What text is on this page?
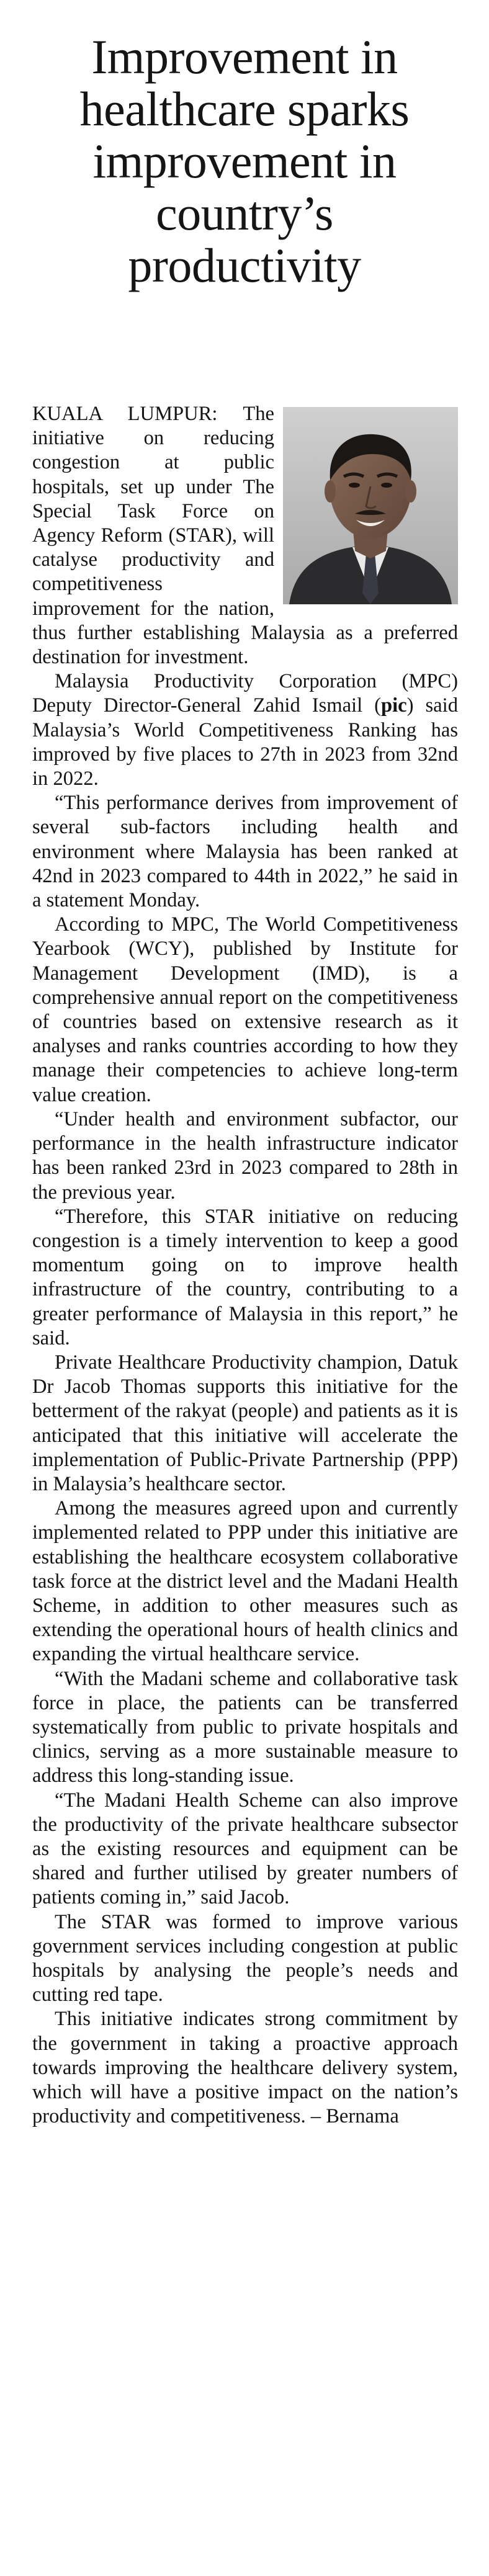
Improvement in healthcare sparks improvement in country’s productivity

KUALA LUMPUR: The initiative on reducing congestion at public hospitals, set up under The Special Task Force on Agency Reform (STAR), will catalyse productivity and competitiveness improvement for the nation, thus further establishing Malaysia as a preferred destination for investment.

Malaysia Productivity Corporation (MPC) Deputy Director-General Zahid Ismail (pic) said Malaysia’s World Competitiveness Ranking has improved by five places to 27th in 2023 from 32nd in 2022.

“This performance derives from improvement of several sub-factors including health and environment where Malaysia has been ranked at 42nd in 2023 compared to 44th in 2022,” he said in a statement Monday.

According to MPC, The World Competitiveness Yearbook (WCY), published by Institute for Management Development (IMD), is a comprehensive annual report on the competitiveness of countries based on extensive research as it analyses and ranks countries according to how they manage their competencies to achieve long-term value creation.

“Under health and environment subfactor, our performance in the health infrastructure indicator has been ranked 23rd in 2023 compared to 28th in the previous year.

“Therefore, this STAR initiative on reducing congestion is a timely intervention to keep a good momentum going on to improve health infrastructure of the country, contributing to a greater performance of Malaysia in this report,” he said.

Private Healthcare Productivity champion, Datuk Dr Jacob Thomas supports this initiative for the betterment of the rakyat (people) and patients as it is anticipated that this initiative will accelerate the implementation of Public-Private Partnership (PPP) in Malaysia’s healthcare sector.

Among the measures agreed upon and currently implemented related to PPP under this initiative are establishing the healthcare ecosystem collaborative task force at the district level and the Madani Health Scheme, in addition to other measures such as extending the operational hours of health clinics and expanding the virtual healthcare service.

“With the Madani scheme and collaborative task force in place, the patients can be transferred systematically from public to private hospitals and clinics, serving as a more sustainable measure to address this long-standing issue.

“The Madani Health Scheme can also improve the productivity of the private healthcare subsector as the existing resources and equipment can be shared and further utilised by greater numbers of patients coming in,” said Jacob.

The STAR was formed to improve various government services including congestion at public hospitals by analysing the people’s needs and cutting red tape.

This initiative indicates strong commitment by the government in taking a proactive approach towards improving the healthcare delivery system, which will have a positive impact on the nation’s productivity and competitiveness. – Bernama
